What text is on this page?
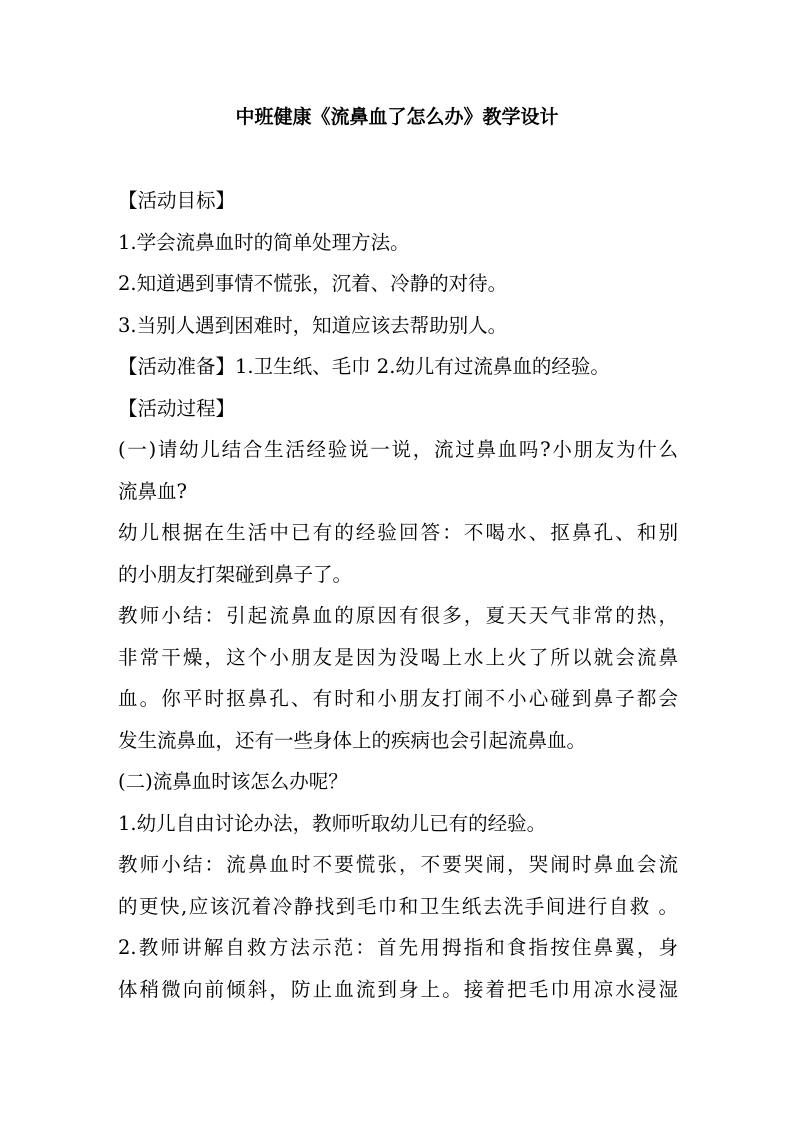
中班健康《流鼻血了怎么办》教学设计
【活动目标】
1.学会流鼻血时的简单处理方法。
2.知道遇到事情不慌张，沉着、冷静的对待。
3.当别人遇到困难时，知道应该去帮助别人。
【活动准备】1.卫生纸、毛巾 2.幼儿有过流鼻血的经验。
【活动过程】
(一)请幼儿结合生活经验说一说，流过鼻血吗?小朋友为什么
流鼻血?
幼儿根据在生活中已有的经验回答：不喝水、抠鼻孔、和别
的小朋友打架碰到鼻子了。
教师小结：引起流鼻血的原因有很多，夏天天气非常的热，
非常干燥，这个小朋友是因为没喝上水上火了所以就会流鼻
血。你平时抠鼻孔、有时和小朋友打闹不小心碰到鼻子都会
发生流鼻血，还有一些身体上的疾病也会引起流鼻血。
(二)流鼻血时该怎么办呢？
1.幼儿自由讨论办法，教师听取幼儿已有的经验。
教师小结：流鼻血时不要慌张，不要哭闹，哭闹时鼻血会流
的更快,应该沉着冷静找到毛巾和卫生纸去洗手间进行自救 。
2.教师讲解自救方法示范：首先用拇指和食指按住鼻翼，身
体稍微向前倾斜，防止血流到身上。接着把毛巾用凉水浸湿
